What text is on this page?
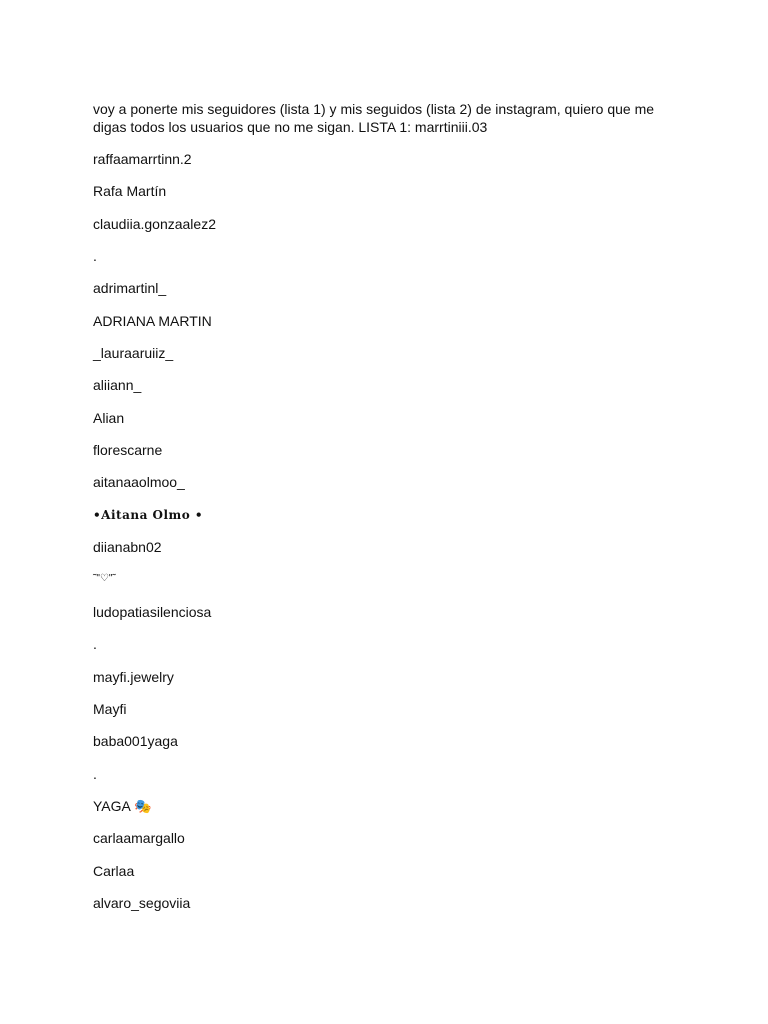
voy a ponerte mis seguidores (lista 1) y mis seguidos (lista 2) de instagram, quiero que me digas todos los usuarios que no me sigan. LISTA 1: marrtiniii.03

raffaamarrtinn.2
Rafa Martín
claudiia.gonzaalez2
.
adrimartinl_
ADRIANA MARTIN
_lauraaruiiz_
aliiann_
Alian
florescarne
aitanaaolmoo_
•Aitana Olmo •
diianabn02
˜"♡"˜
ludopatiasilenciosa
.
mayfi.jewelry
Mayfi
baba001yaga
.
YAGA 🎭
carlaamargallo
Carlaa
alvaro_segoviia
